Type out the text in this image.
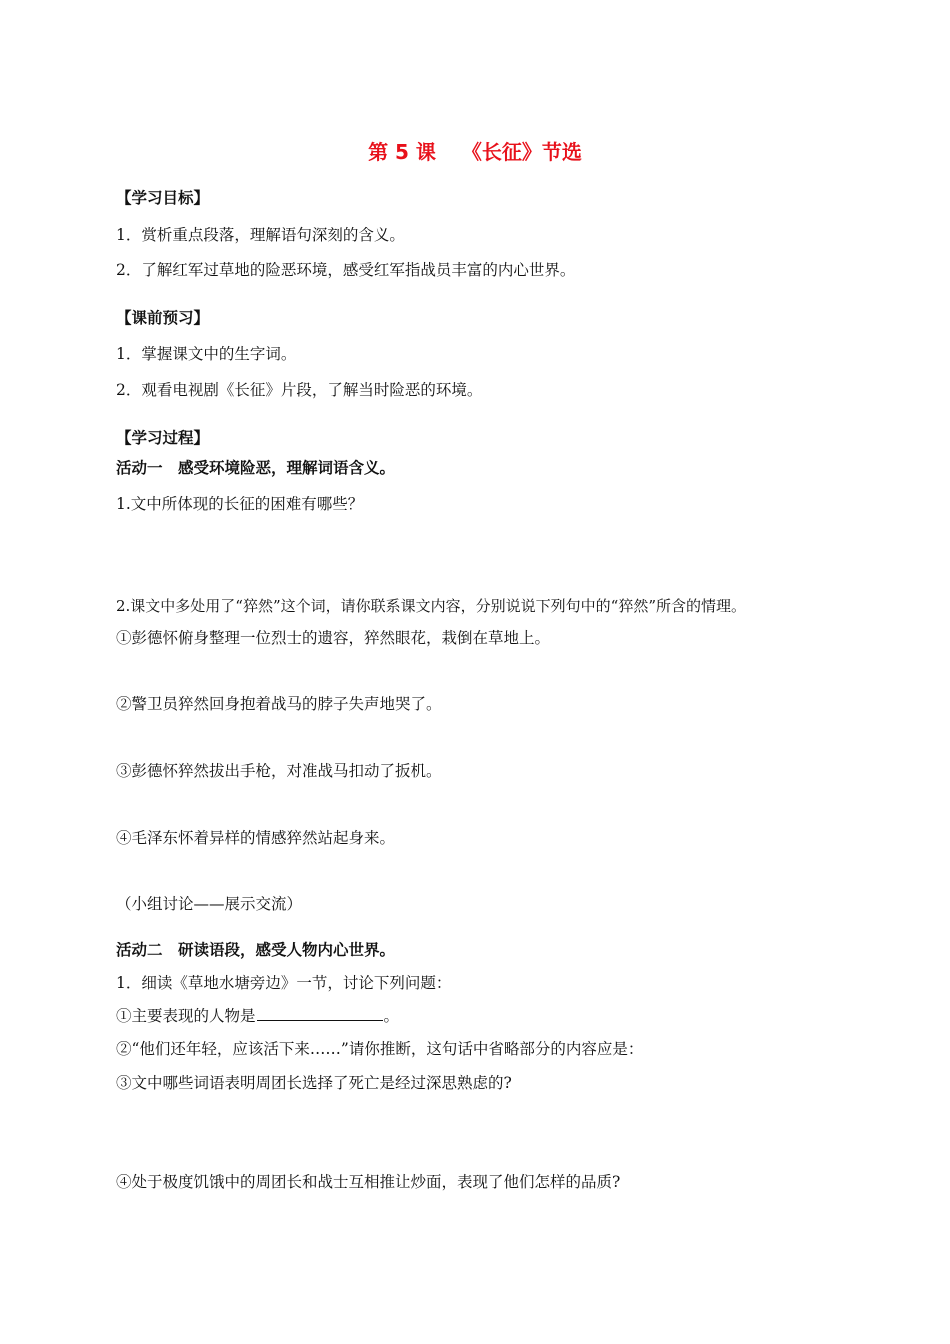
第 5 课 《长征》节选
【学习目标】
1．赏析重点段落，理解语句深刻的含义。
2．了解红军过草地的险恶环境，感受红军指战员丰富的内心世界。
【课前预习】
1．掌握课文中的生字词。
2．观看电视剧《长征》片段，了解当时险恶的环境。
【学习过程】
活动一　感受环境险恶，理解词语含义。
1.文中所体现的长征的困难有哪些？
2.课文中多处用了“猝然”这个词，请你联系课文内容，分别说说下列句中的“猝然”所含的情理。
①彭德怀俯身整理一位烈士的遗容，猝然眼花，栽倒在草地上。
②警卫员猝然回身抱着战马的脖子失声地哭了。
③彭德怀猝然拔出手枪，对准战马扣动了扳机。
④毛泽东怀着异样的情感猝然站起身来。
（小组讨论——展示交流）
活动二　研读语段，感受人物内心世界。
1．细读《草地水塘旁边》一节，讨论下列问题：
①主要表现的人物是	。
②“他们还年轻，应该活下来……”请你推断，这句话中省略部分的内容应是：
③文中哪些词语表明周团长选择了死亡是经过深思熟虑的?
④处于极度饥饿中的周团长和战士互相推让炒面，表现了他们怎样的品质?
